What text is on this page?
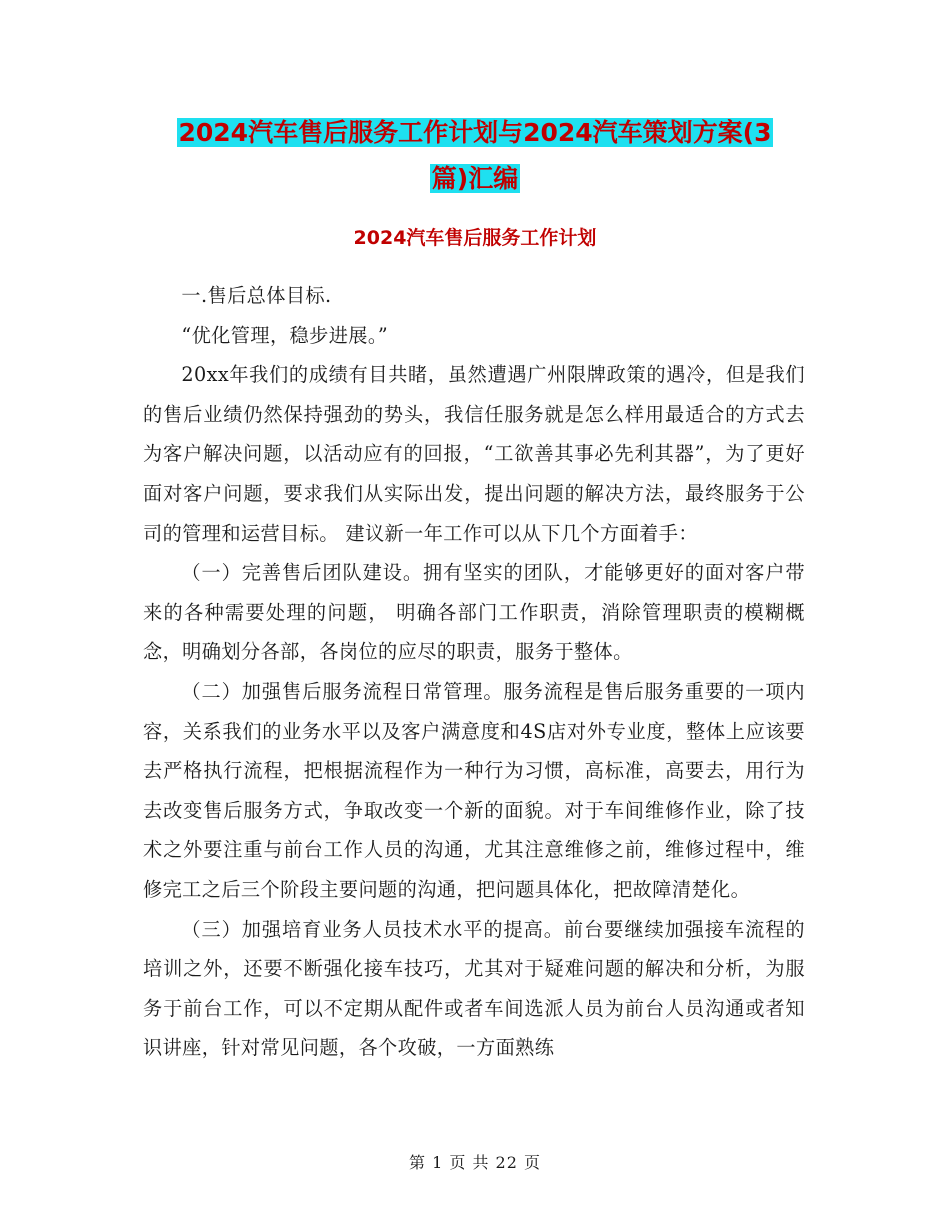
2024汽车售后服务工作计划与2024汽车策划方案(3
篇)汇编
2024汽车售后服务工作计划

一.售后总体目标.

“优化管理，稳步进展。”

20xx年我们的成绩有目共睹，虽然遭遇广州限牌政策的遇冷，但是我们的售后业绩仍然保持强劲的势头，我信任服务就是怎么样用最适合的方式去为客户解决问题，以活动应有的回报，“工欲善其事必先利其器”，为了更好面对客户问题，要求我们从实际出发，提出问题的解决方法，最终服务于公司的管理和运营目标。 建议新一年工作可以从下几个方面着手：

（一）完善售后团队建设。拥有坚实的团队，才能够更好的面对客户带来的各种需要处理的问题， 明确各部门工作职责，消除管理职责的模糊概念，明确划分各部，各岗位的应尽的职责，服务于整体。

（二）加强售后服务流程日常管理。服务流程是售后服务重要的一项内容，关系我们的业务水平以及客户满意度和4S店对外专业度，整体上应该要去严格执行流程，把根据流程作为一种行为习惯，高标准，高要去，用行为去改变售后服务方式，争取改变一个新的面貌。对于车间维修作业，除了技术之外要注重与前台工作人员的沟通，尤其注意维修之前，维修过程中，维修完工之后三个阶段主要问题的沟通，把问题具体化，把故障清楚化。

（三）加强培育业务人员技术水平的提高。前台要继续加强接车流程的培训之外，还要不断强化接车技巧，尤其对于疑难问题的解决和分析，为服务于前台工作，可以不定期从配件或者车间选派人员为前台人员沟通或者知识讲座，针对常见问题，各个攻破，一方面熟练

第 1 页 共 22 页
